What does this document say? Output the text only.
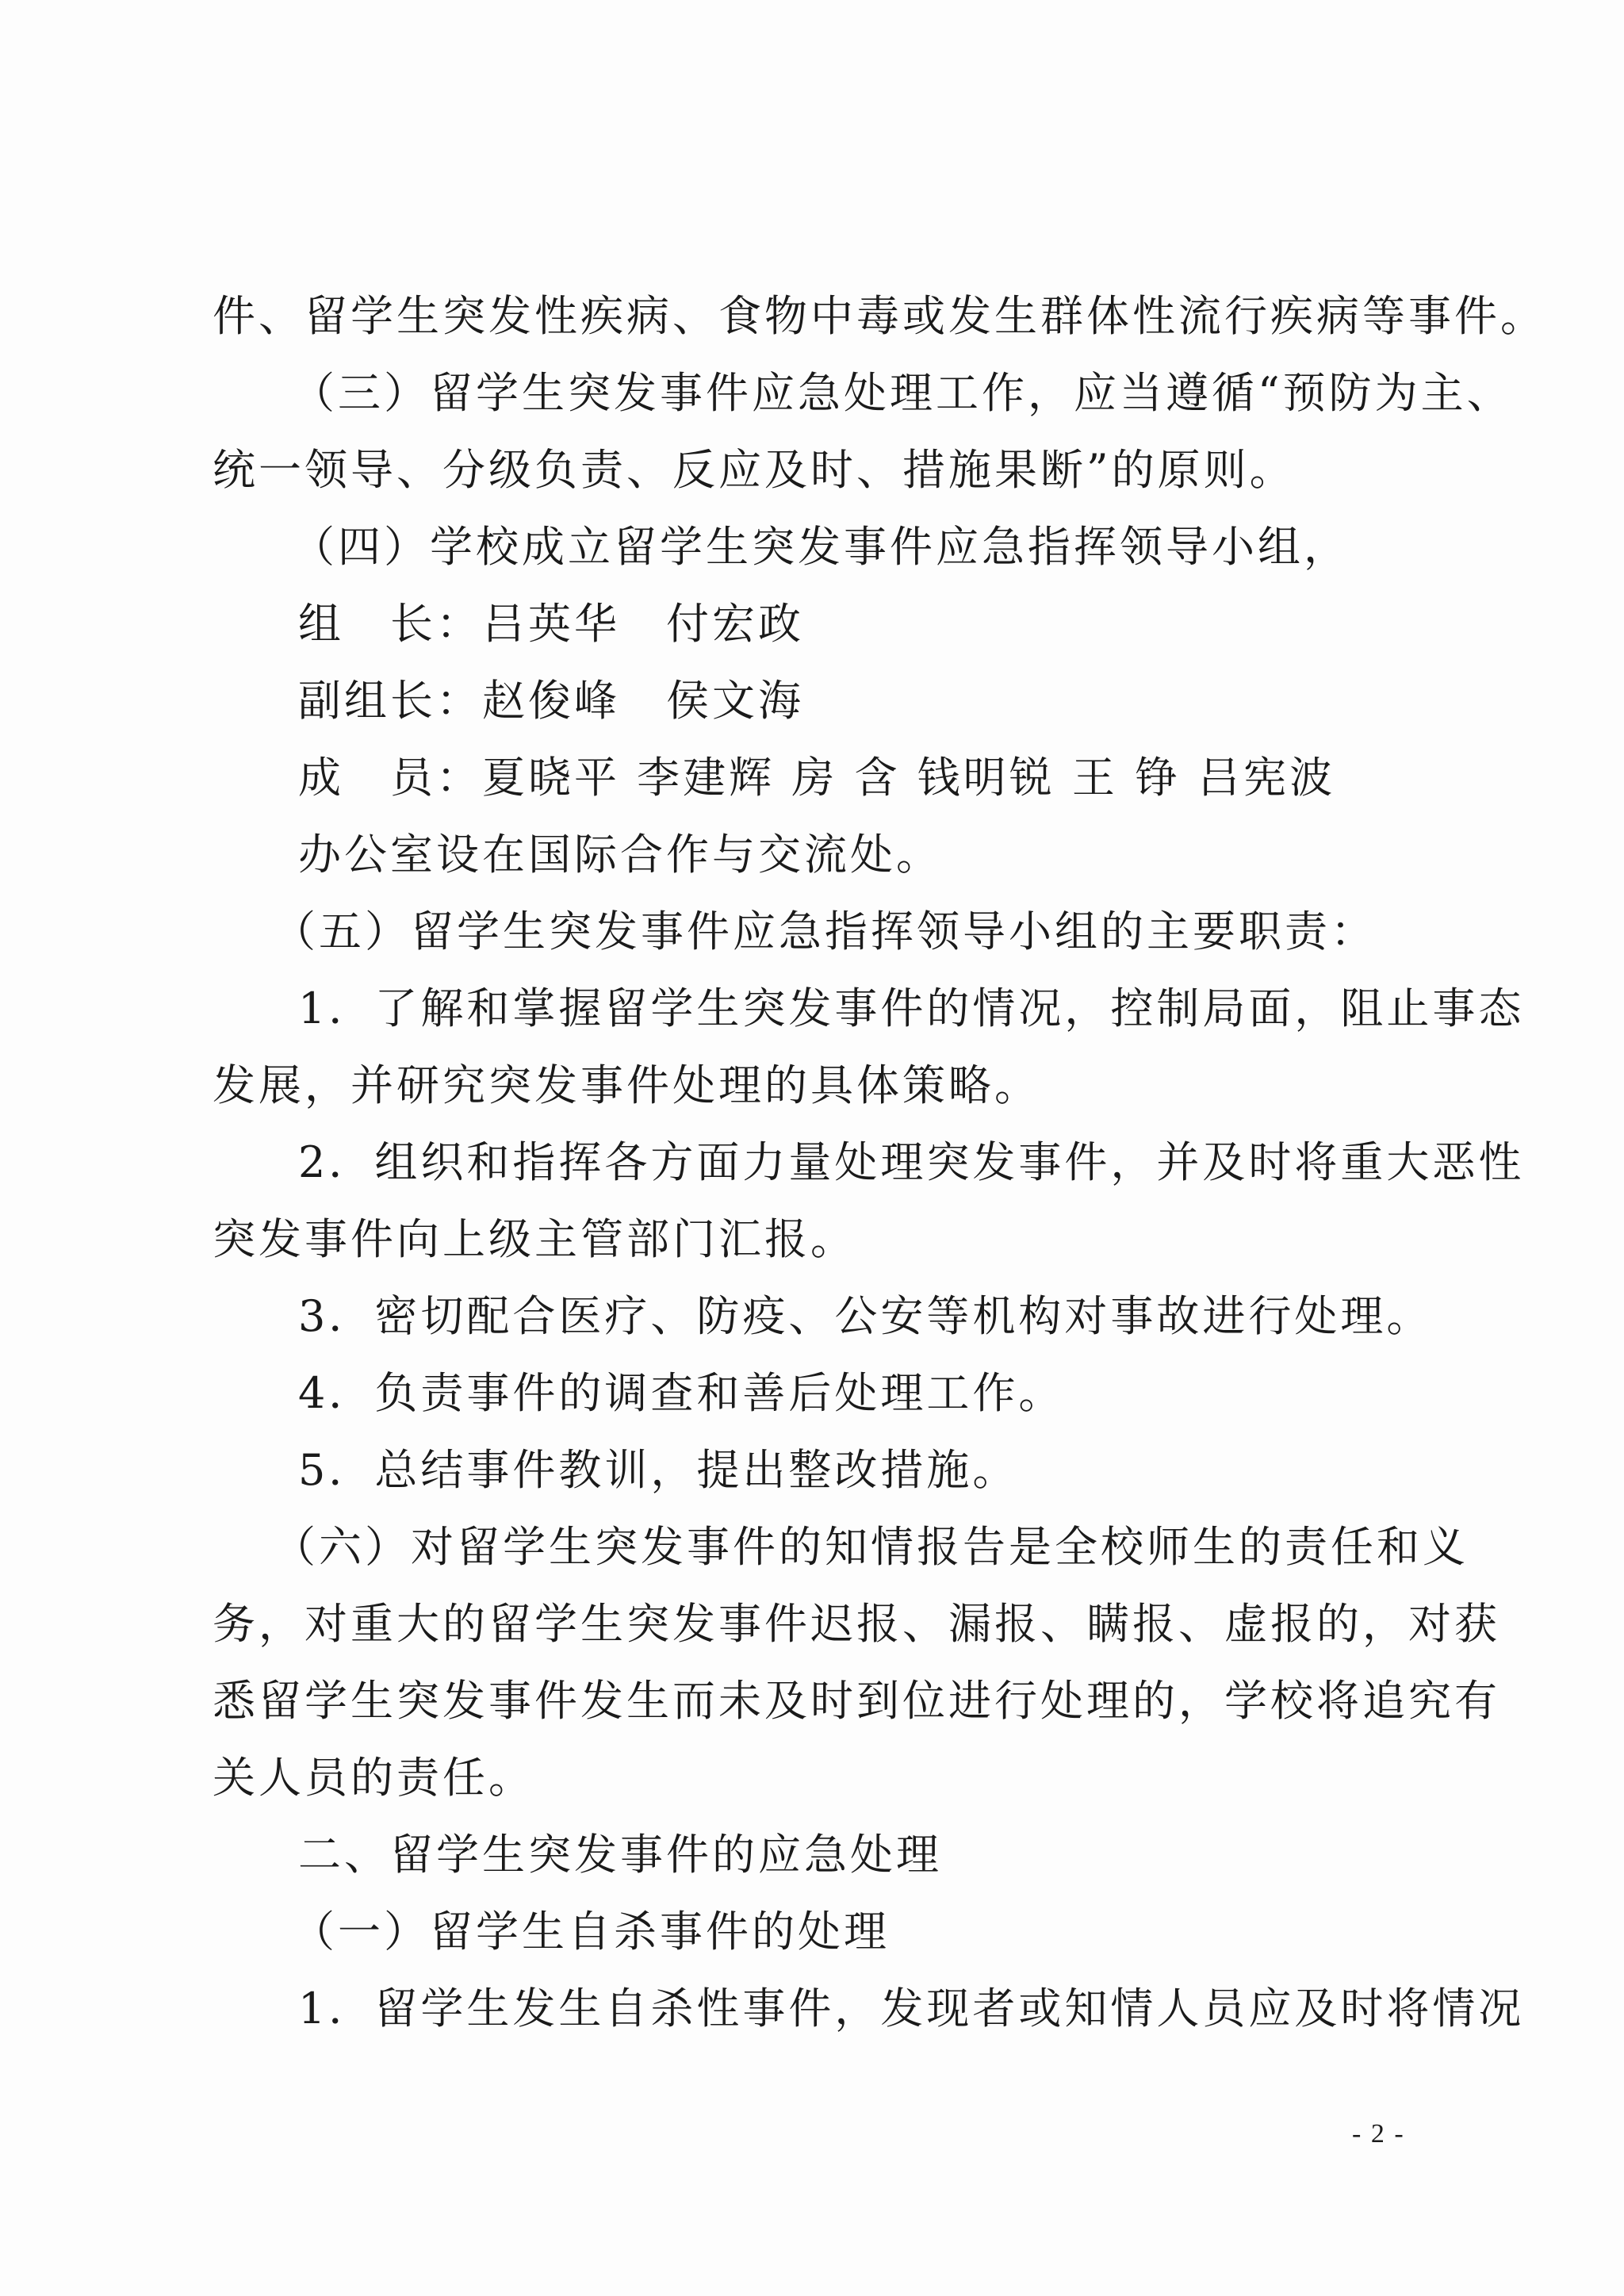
件、留学生突发性疾病、食物中毒或发生群体性流行疾病等事件。
（三）留学生突发事件应急处理工作，应当遵循“预防为主、
统一领导、分级负责、反应及时、措施果断”的原则。
（四）学校成立留学生突发事件应急指挥领导小组，
组　长：吕英华　付宏政
副组长：赵俊峰　侯文海
成　员：夏晓平 李建辉 房 含 钱明锐 王 铮 吕宪波
办公室设在国际合作与交流处。
（五）留学生突发事件应急指挥领导小组的主要职责：
1．了解和掌握留学生突发事件的情况，控制局面，阻止事态
发展，并研究突发事件处理的具体策略。
2．组织和指挥各方面力量处理突发事件，并及时将重大恶性
突发事件向上级主管部门汇报。
3．密切配合医疗、防疫、公安等机构对事故进行处理。
4．负责事件的调查和善后处理工作。
5．总结事件教训，提出整改措施。
（六）对留学生突发事件的知情报告是全校师生的责任和义
务，对重大的留学生突发事件迟报、漏报、瞒报、虚报的，对获
悉留学生突发事件发生而未及时到位进行处理的，学校将追究有
关人员的责任。
二、留学生突发事件的应急处理
（一）留学生自杀事件的处理
1．留学生发生自杀性事件，发现者或知情人员应及时将情况
- 2 -
